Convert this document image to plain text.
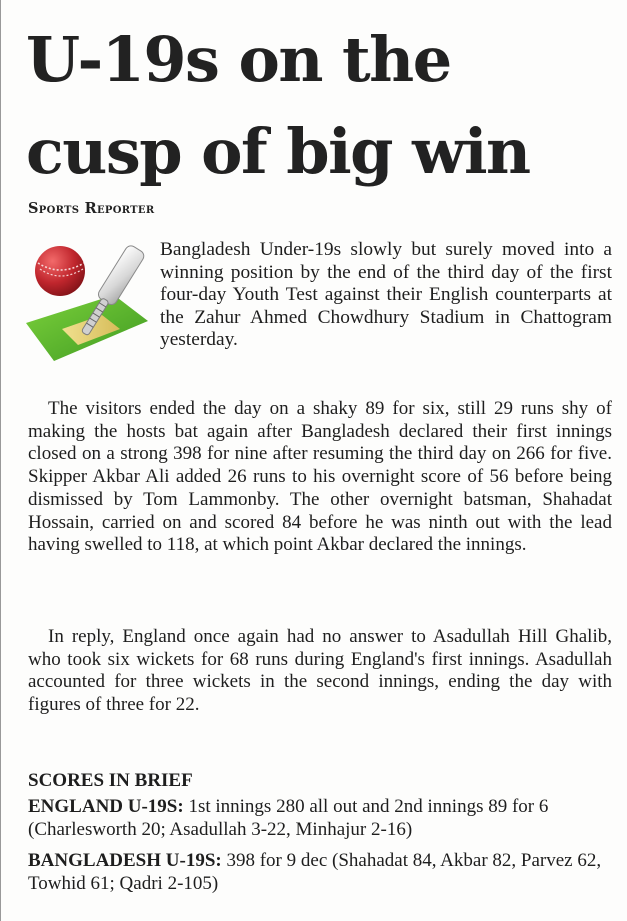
U-19s on the
cusp of big win
Sports Reporter

Bangladesh Under-19s slowly but surely moved into a winning position by the end of the third day of the first four-day Youth Test against their English counterparts at the Zahur Ahmed Chowdhury Stadium in Chattogram yesterday.

The visitors ended the day on a shaky 89 for six, still 29 runs shy of making the hosts bat again after Bangladesh declared their first innings closed on a strong 398 for nine after resuming the third day on 266 for five. Skipper Akbar Ali added 26 runs to his overnight score of 56 before being dismissed by Tom Lammonby. The other overnight batsman, Shahadat Hossain, carried on and scored 84 before he was ninth out with the lead having swelled to 118, at which point Akbar declared the innings.

In reply, England once again had no answer to Asadullah Hill Ghalib, who took six wickets for 68 runs during England's first innings. Asadullah accounted for three wickets in the second innings, ending the day with figures of three for 22.

SCORES IN BRIEF

ENGLAND U-19S: 1st innings 280 all out and 2nd innings 89 for 6 (Charlesworth 20; Asadullah 3-22, Minhajur 2-16)

BANGLADESH U-19S: 398 for 9 dec (Shahadat 84, Akbar 82, Parvez 62, Towhid 61; Qadri 2-105)
